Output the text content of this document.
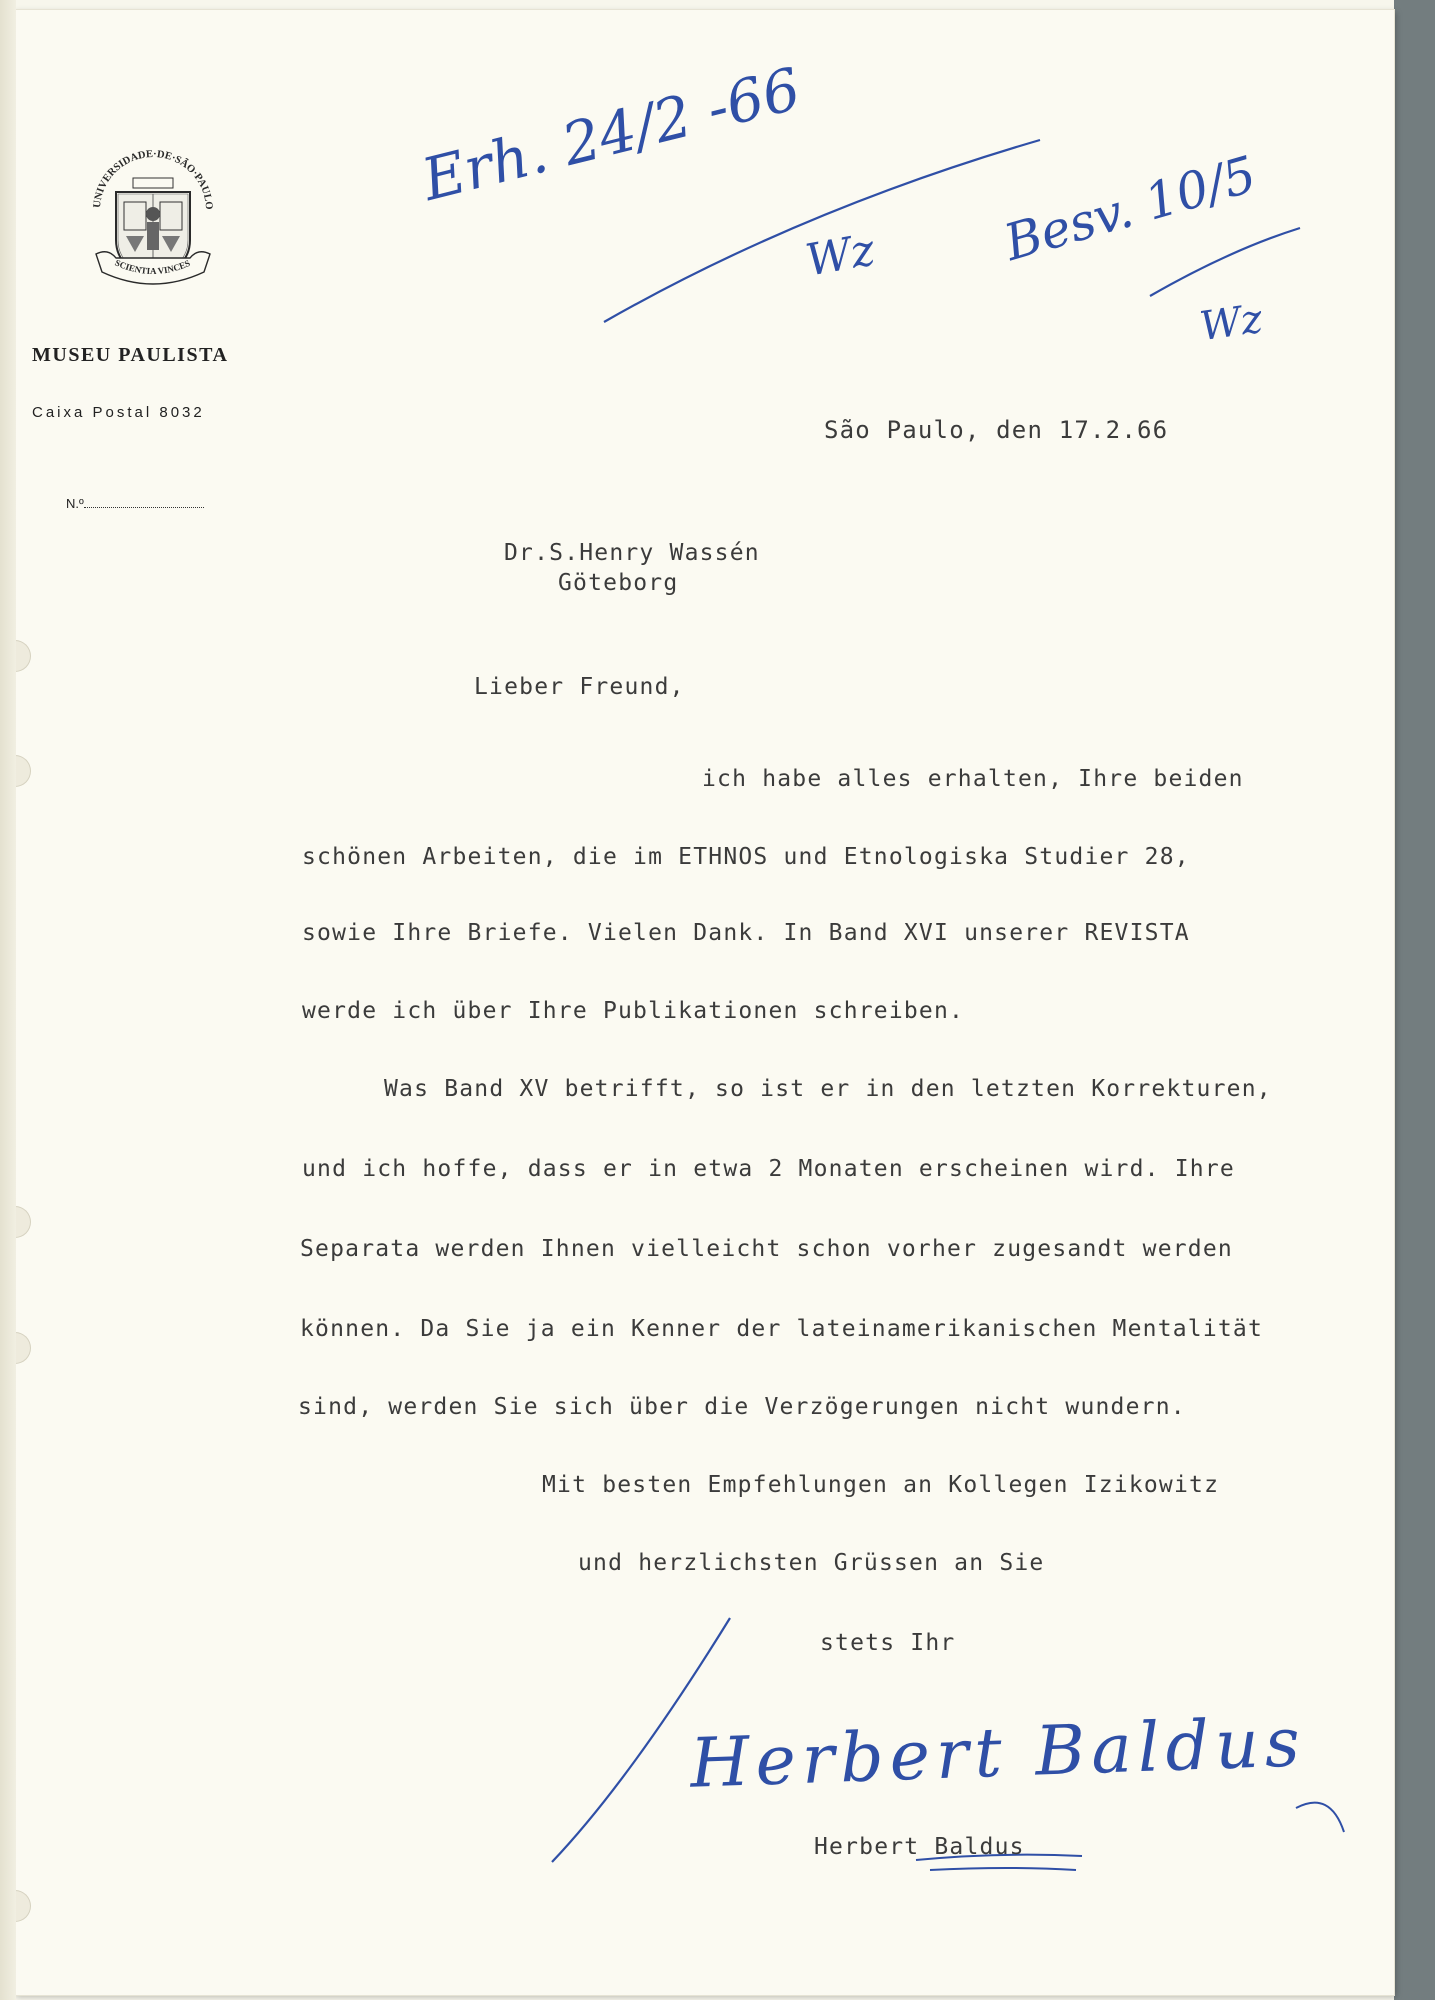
UNIVERSIDADE·DE·SÃO·PAULO
SCIENTIA VINCES
MUSEU PAULISTA
Caixa Postal 8032
N.º
Erh. 24/2 -66
Wz Besv. 10/5
Wz
São Paulo, den 17.2.66
Dr.S.Henry Wassén
Göteborg
Lieber Freund,
ich habe alles erhalten, Ihre beiden
schönen Arbeiten, die im ETHNOS und Etnologiska Studier 28,
sowie Ihre Briefe. Vielen Dank. In Band XVI unserer REVISTA
werde ich über Ihre Publikationen schreiben.
Was Band XV betrifft, so ist er in den letzten Korrekturen,
und ich hoffe, dass er in etwa 2 Monaten erscheinen wird. Ihre
Separata werden Ihnen vielleicht schon vorher zugesandt werden
können. Da Sie ja ein Kenner der lateinamerikanischen Mentalität
sind, werden Sie sich über die Verzögerungen nicht wundern.
Mit besten Empfehlungen an Kollegen Izikowitz
und herzlichsten Grüssen an Sie
stets Ihr
Herbert Baldus
Herbert Baldus
